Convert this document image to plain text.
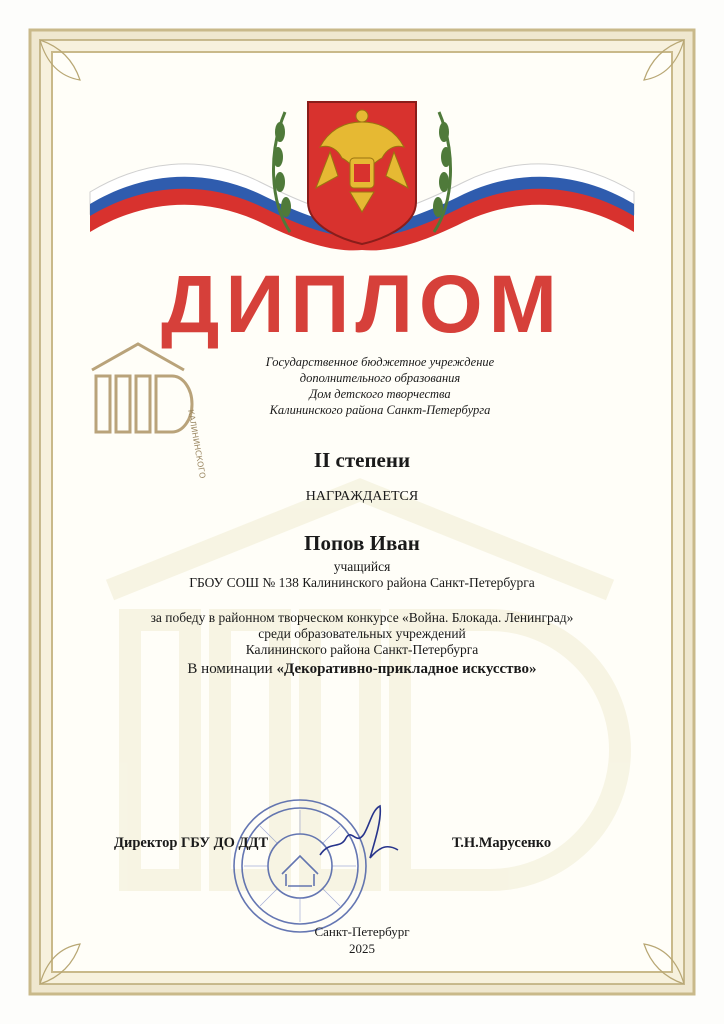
ДИПЛОМ
КАЛИНИНСКОГО
Государственное бюджетное учреждение
дополнительного образования
Дом детского творчества
Калининского района Санкт-Петербурга
II степени
НАГРАЖДАЕТСЯ
Попов Иван
учащийся
ГБОУ СОШ № 138 Калининского района Санкт-Петербурга
за победу в районном творческом конкурсе «Война. Блокада. Ленинград»
среди образовательных учреждений
Калининского района Санкт-Петербурга
В номинации «Декоративно-прикладное искусство»
Директор ГБУ ДО ДДТ	Т.Н.Марусенко
Санкт-Петербург
2025
